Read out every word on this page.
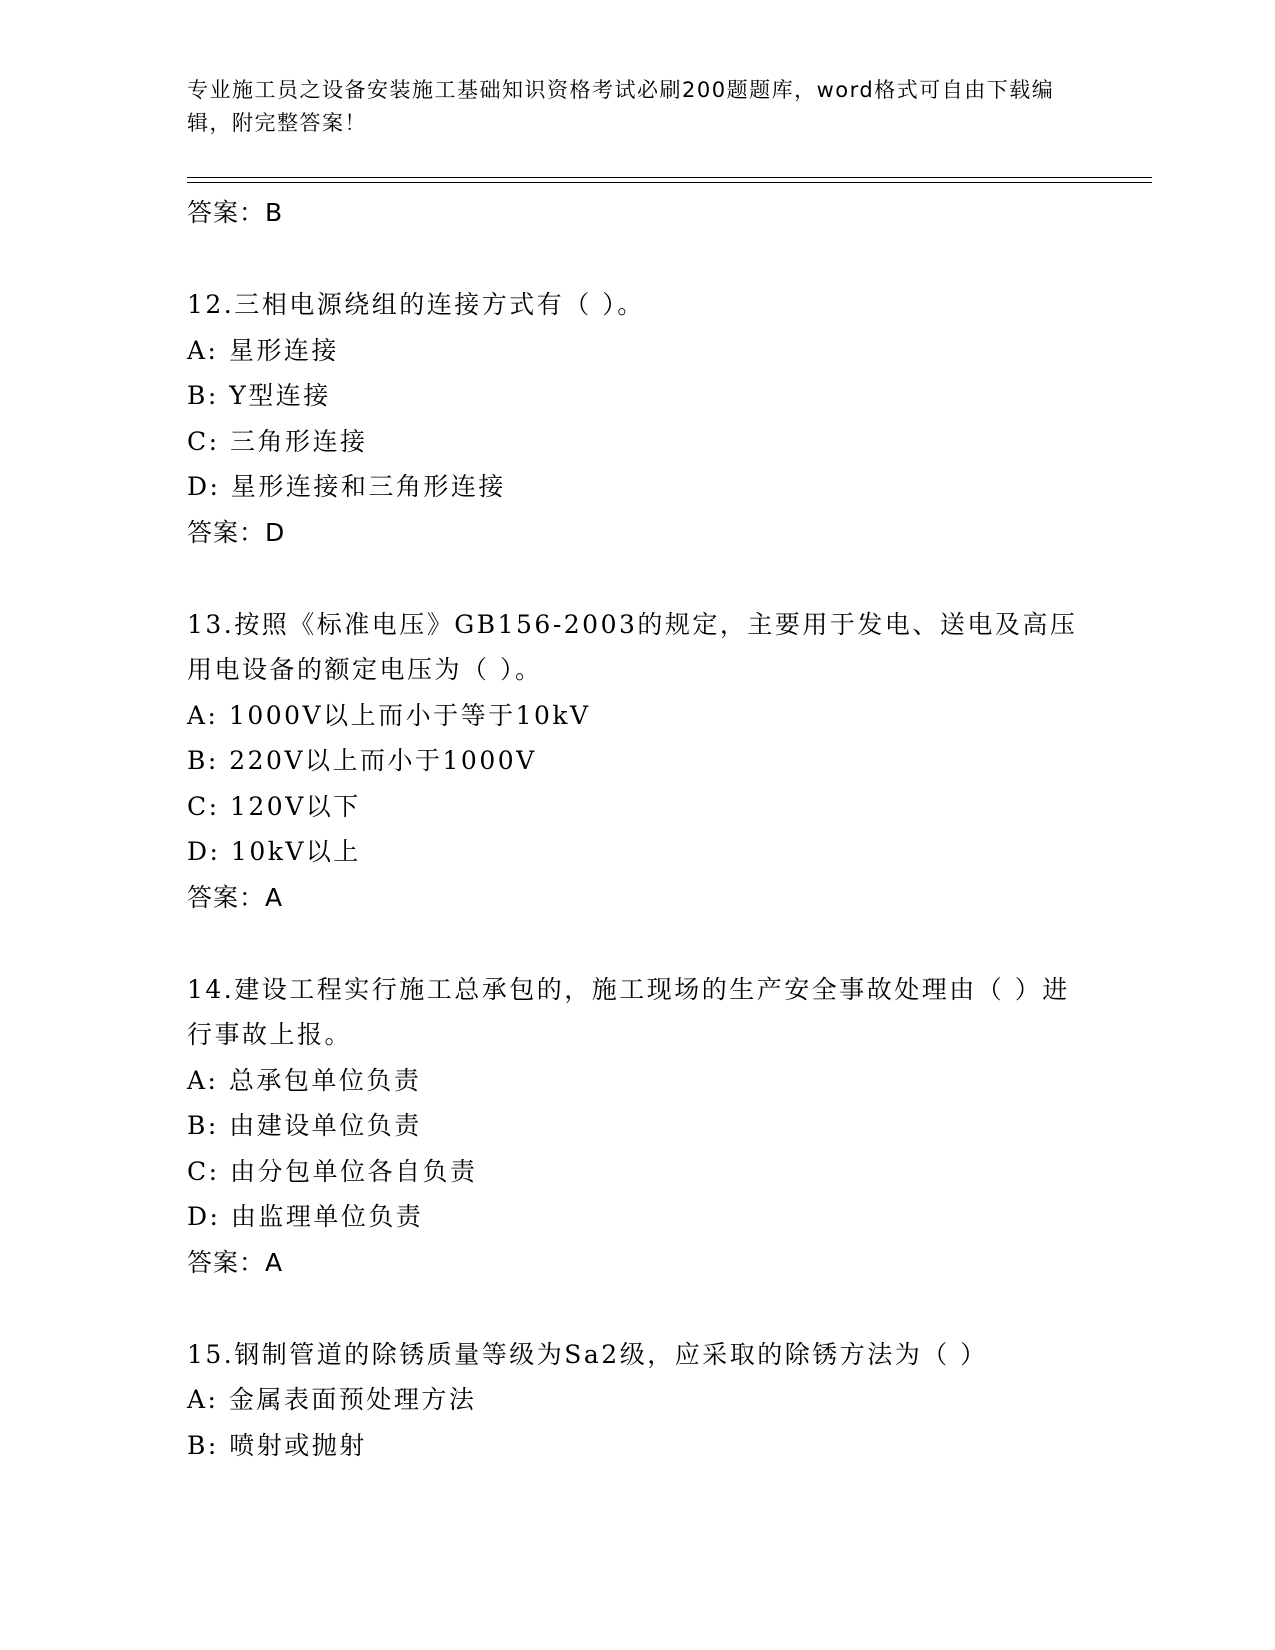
专业施工员之设备安装施工基础知识资格考试必刷200题题库，word格式可自由下载编辑，附完整答案！

答案：B

12.三相电源绕组的连接方式有（ ）。

A: 星形连接

B: Y型连接

C: 三角形连接

D: 星形连接和三角形连接

答案：D

13.按照《标准电压》GB156-2003的规定，主要用于发电、送电及高压用电设备的额定电压为（ ）。

A: 1000V以上而小于等于10kV

B: 220V以上而小于1000V

C: 120V以下

D: 10kV以上

答案：A

14.建设工程实行施工总承包的，施工现场的生产安全事故处理由（ ）进行事故上报。

A: 总承包单位负责

B: 由建设单位负责

C: 由分包单位各自负责

D: 由监理单位负责

答案：A

15.钢制管道的除锈质量等级为Sa2级，应采取的除锈方法为（ ）

A: 金属表面预处理方法

B: 喷射或抛射
